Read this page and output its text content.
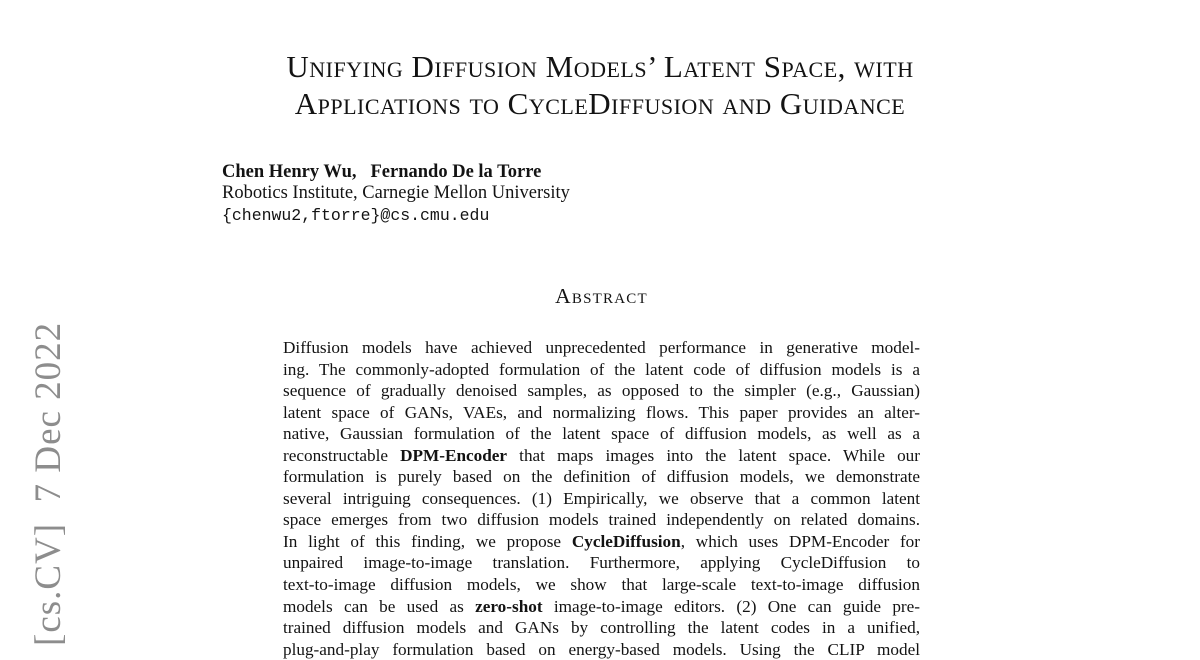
[cs.CV]  7 Dec 2022
Unifying Diffusion Models’ Latent Space, with
Applications to CycleDiffusion and Guidance
Chen Henry Wu, Fernando De la Torre
Robotics Institute, Carnegie Mellon University
{chenwu2,ftorre}@cs.cmu.edu
Abstract
Diffusion models have achieved unprecedented performance in generative model-
ing. The commonly-adopted formulation of the latent code of diffusion models is a
sequence of gradually denoised samples, as opposed to the simpler (e.g., Gaussian)
latent space of GANs, VAEs, and normalizing flows. This paper provides an alter-
native, Gaussian formulation of the latent space of diffusion models, as well as a
reconstructable DPM-Encoder that maps images into the latent space. While our
formulation is purely based on the definition of diffusion models, we demonstrate
several intriguing consequences. (1) Empirically, we observe that a common latent
space emerges from two diffusion models trained independently on related domains.
In light of this finding, we propose CycleDiffusion, which uses DPM-Encoder for
unpaired image-to-image translation. Furthermore, applying CycleDiffusion to
text-to-image diffusion models, we show that large-scale text-to-image diffusion
models can be used as zero-shot image-to-image editors. (2) One can guide pre-
trained diffusion models and GANs by controlling the latent codes in a unified,
plug-and-play formulation based on energy-based models. Using the CLIP model
